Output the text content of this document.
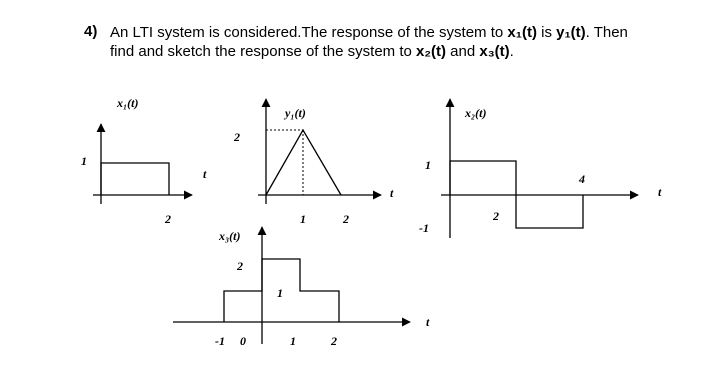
4) An LTI system is considered.The response of the system to x₁(t) is y₁(t). Then
find and sketch the response of the system to x₂(t) and x₃(t).
x₁(t)
1
t
2
y₁(t)
2
t
1	2
x₂(t)
1
-1
t
2
4
x₃(t)
2
1
t
-1 0	1	2
